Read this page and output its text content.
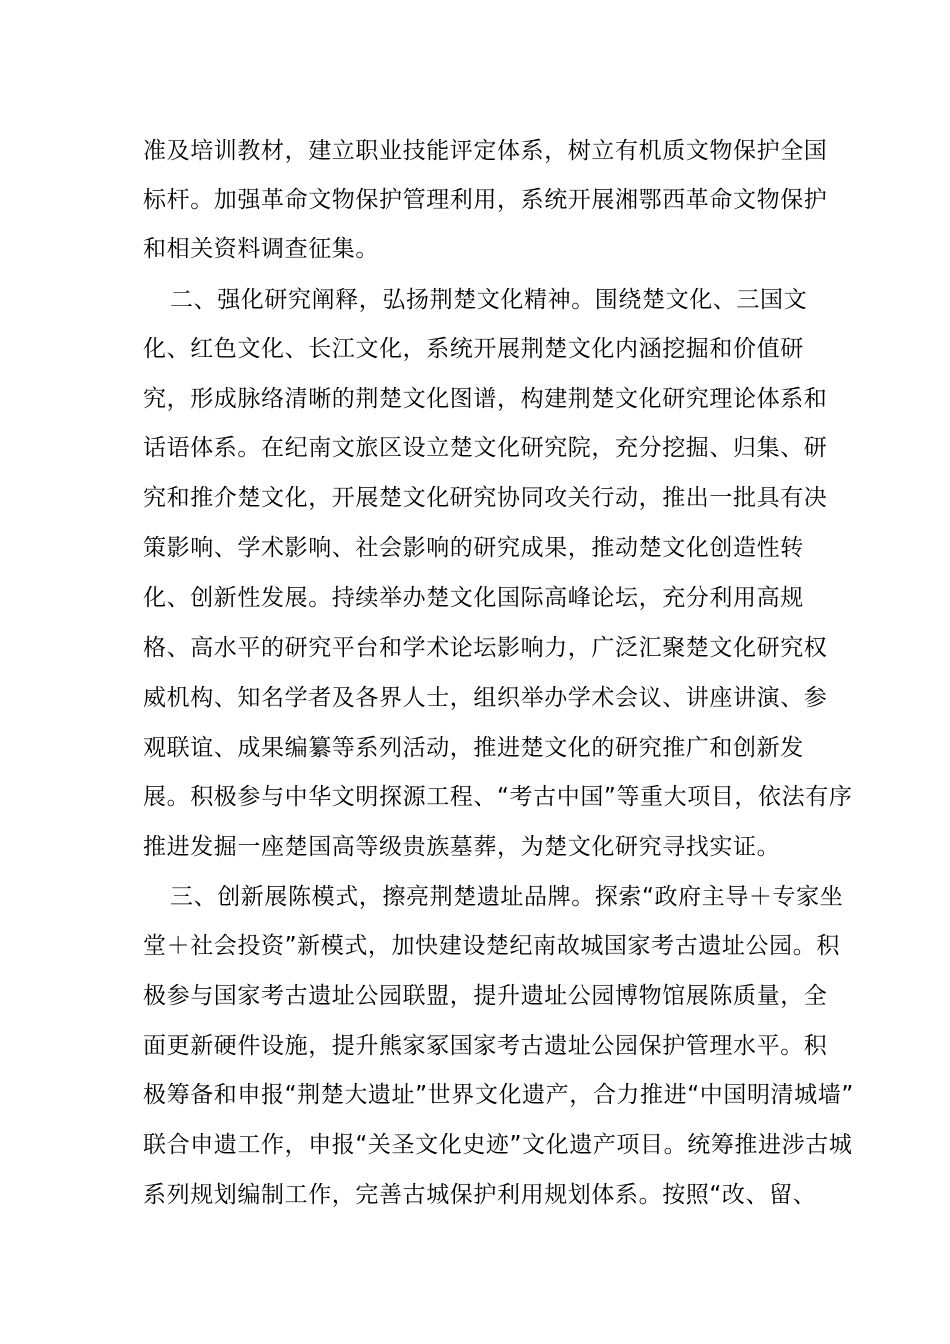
准及培训教材，建立职业技能评定体系，树立有机质文物保护全国
标杆。加强革命文物保护管理利用，系统开展湘鄂西革命文物保护
和相关资料调查征集。
二、强化研究阐释，弘扬荆楚文化精神。围绕楚文化、三国文
化、红色文化、长江文化，系统开展荆楚文化内涵挖掘和价值研
究，形成脉络清晰的荆楚文化图谱，构建荆楚文化研究理论体系和
话语体系。在纪南文旅区设立楚文化研究院，充分挖掘、归集、研
究和推介楚文化，开展楚文化研究协同攻关行动，推出一批具有决
策影响、学术影响、社会影响的研究成果，推动楚文化创造性转
化、创新性发展。持续举办楚文化国际高峰论坛，充分利用高规
格、高水平的研究平台和学术论坛影响力，广泛汇聚楚文化研究权
威机构、知名学者及各界人士，组织举办学术会议、讲座讲演、参
观联谊、成果编纂等系列活动，推进楚文化的研究推广和创新发
展。积极参与中华文明探源工程、“考古中国”等重大项目，依法有序
推进发掘一座楚国高等级贵族墓葬，为楚文化研究寻找实证。
三、创新展陈模式，擦亮荆楚遗址品牌。探索“政府主导＋专家坐
堂＋社会投资”新模式，加快建设楚纪南故城国家考古遗址公园。积
极参与国家考古遗址公园联盟，提升遗址公园博物馆展陈质量，全
面更新硬件设施，提升熊家冢国家考古遗址公园保护管理水平。积
极筹备和申报“荆楚大遗址”世界文化遗产，合力推进“中国明清城墙”
联合申遗工作，申报“关圣文化史迹”文化遗产项目。统筹推进涉古城
系列规划编制工作，完善古城保护利用规划体系。按照“改、留、
